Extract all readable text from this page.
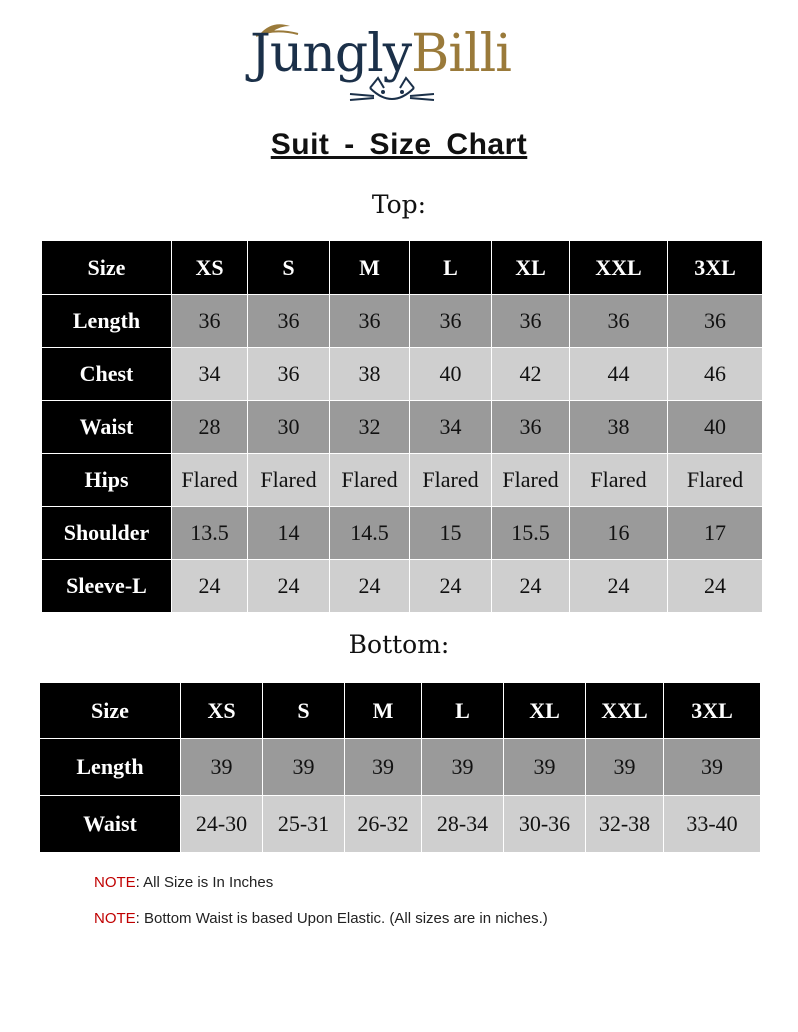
JunglyBilli
Suit - Size Chart
Top:
Size	XS	S	M	L	XL	XXL	3XL
Length	36	36	36	36	36	36	36
Chest	34	36	38	40	42	44	46
Waist	28	30	32	34	36	38	40
Hips	Flared	Flared	Flared	Flared	Flared	Flared	Flared
Shoulder	13.5	14	14.5	15	15.5	16	17
Sleeve-L	24	24	24	24	24	24	24
Bottom:
Size	XS	S	M	L	XL	XXL	3XL
Length	39	39	39	39	39	39	39
Waist	24-30	25-31	26-32	28-34	30-36	32-38	33-40
NOTE: All Size is In Inches
NOTE: Bottom Waist is based Upon Elastic. (All sizes are in niches.)
